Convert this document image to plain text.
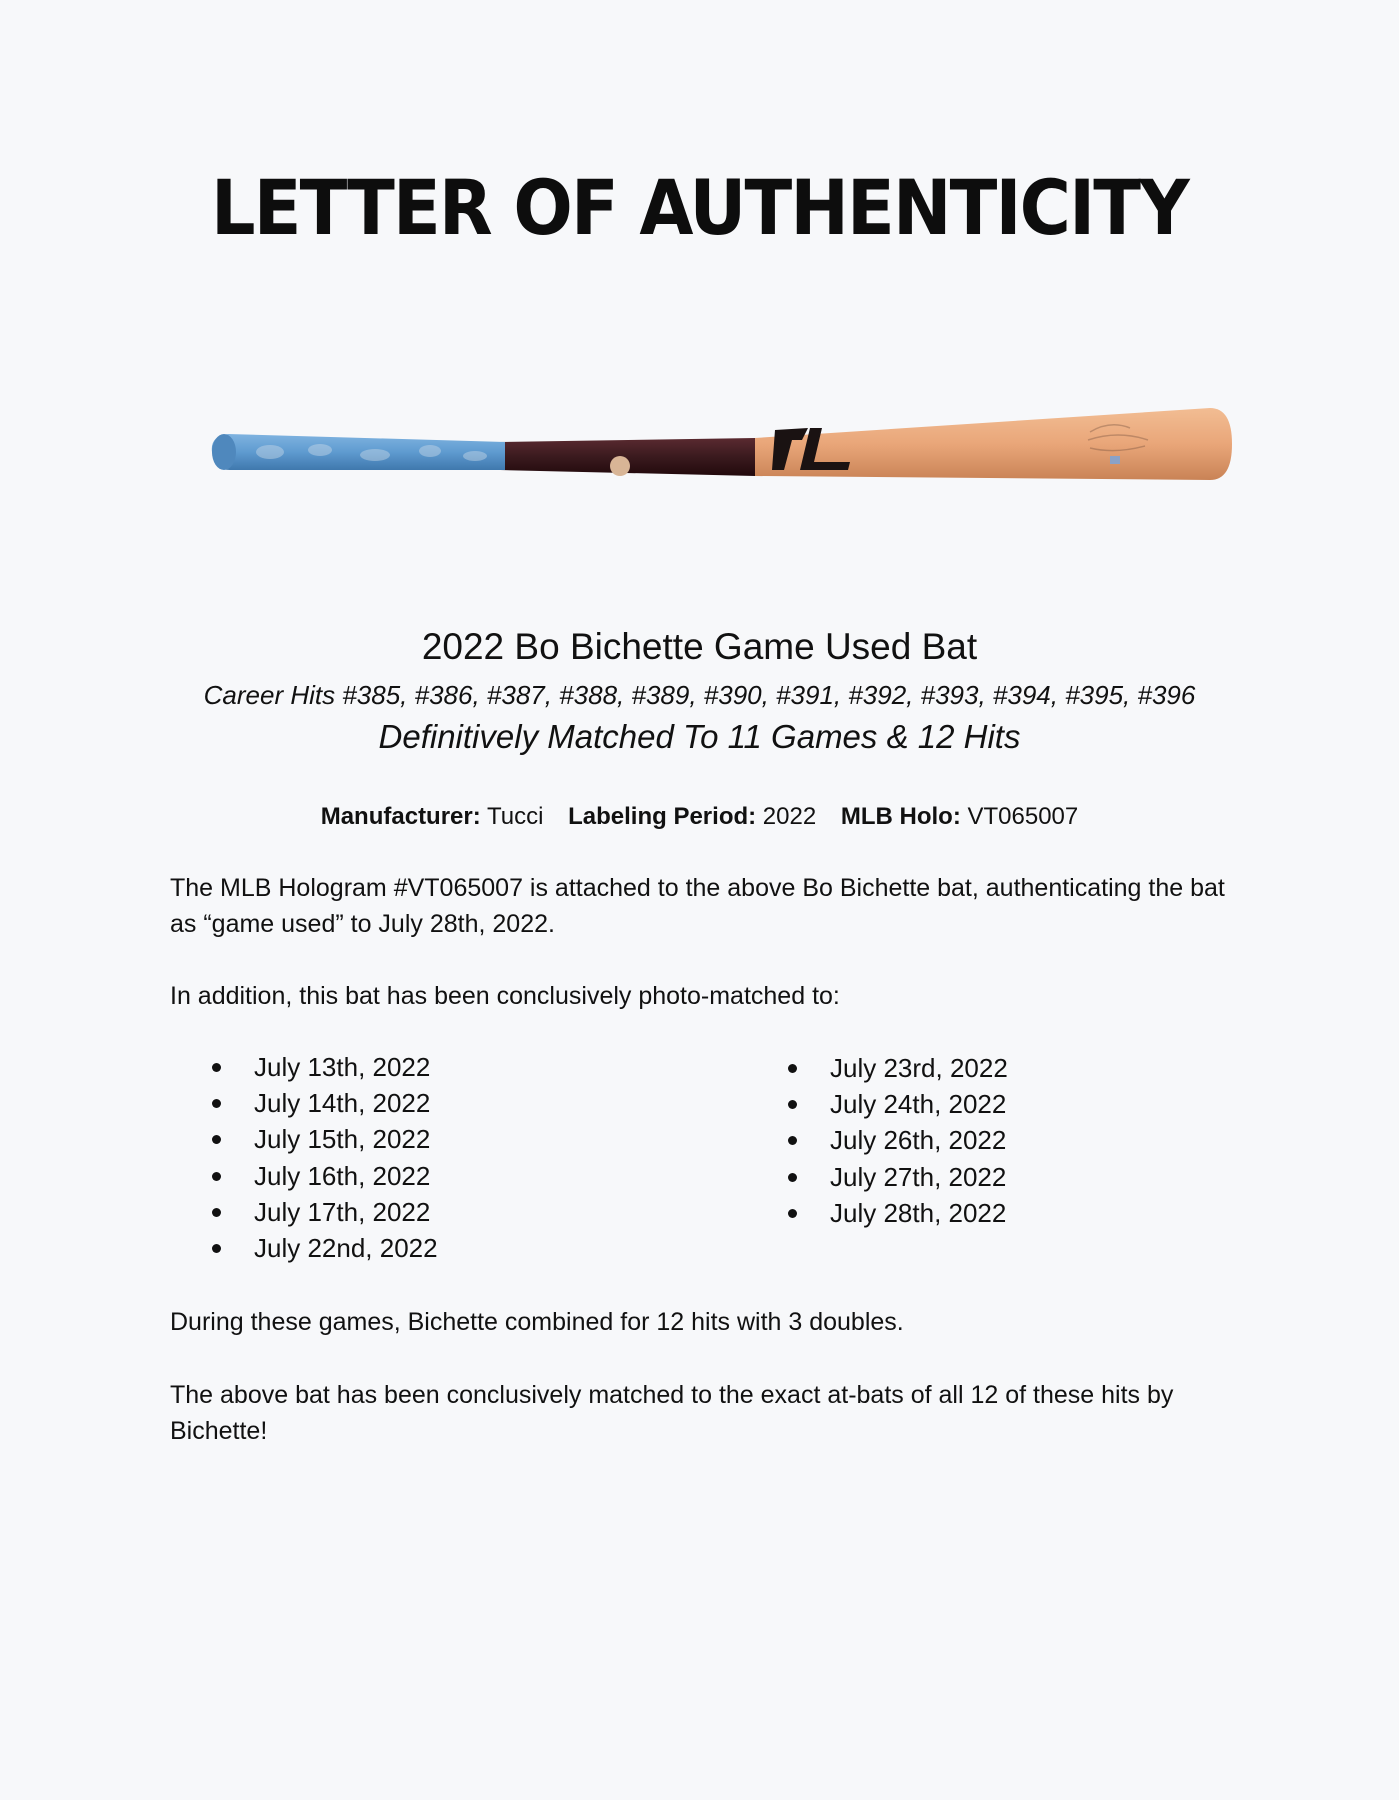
LETTER OF AUTHENTICITY
2022 Bo Bichette Game Used Bat
Career Hits #385, #386, #387, #388, #389, #390, #391, #392, #393, #394, #395, #396
Definitively Matched To 11 Games & 12 Hits
Manufacturer: Tucci Labeling Period: 2022 MLB Holo: VT065007
The MLB Hologram #VT065007 is attached to the above Bo Bichette bat, authenticating the bat as “game used” to July 28th, 2022.
In addition, this bat has been conclusively photo-matched to:
July 13th, 2022
July 14th, 2022
July 15th, 2022
July 16th, 2022
July 17th, 2022
July 22nd, 2022
July 23rd, 2022
July 24th, 2022
July 26th, 2022
July 27th, 2022
July 28th, 2022
During these games, Bichette combined for 12 hits with 3 doubles.
The above bat has been conclusively matched to the exact at-bats of all 12 of these hits by Bichette!
